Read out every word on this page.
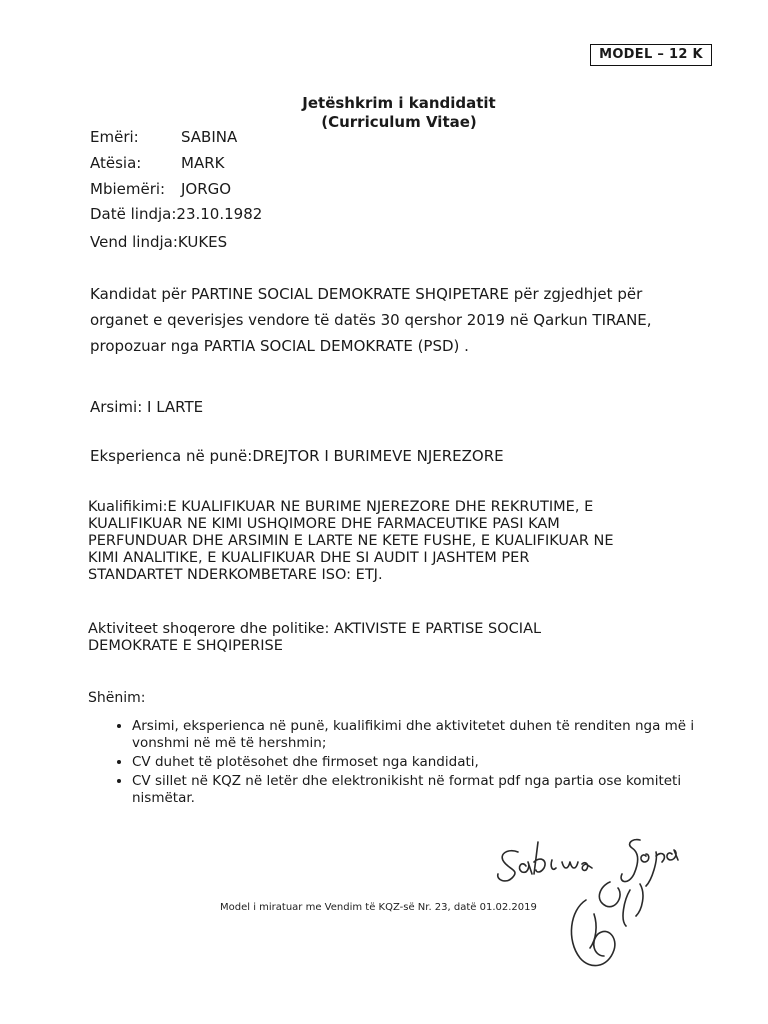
MODEL – 12 K
Jetëshkrim i kandidatit
(Curriculum Vitae)
Emëri:	SABINA
Atësia:	MARK
Mbiemëri: JORGO
Datë lindja:23.10.1982
Vend lindja:KUKES
Kandidat për PARTINE SOCIAL DEMOKRATE SHQIPETARE për zgjedhjet për
organet e qeverisjes vendore të datës 30 qershor 2019 në Qarkun TIRANE,
propozuar nga PARTIA SOCIAL DEMOKRATE (PSD) .
Arsimi: I LARTE
Eksperienca në punë:DREJTOR I BURIMEVE NJEREZORE
Kualifikimi:E KUALIFIKUAR NE BURIME NJEREZORE DHE REKRUTIME, E
KUALIFIKUAR NE KIMI USHQIMORE DHE FARMACEUTIKE PASI KAM
PERFUNDUAR DHE ARSIMIN E LARTE NE KETE FUSHE, E KUALIFIKUAR NE
KIMI ANALITIKE, E KUALIFIKUAR DHE SI AUDIT I JASHTEM PER
STANDARTET NDERKOMBETARE ISO: ETJ.
Aktiviteet shoqerore dhe politike: AKTIVISTE E PARTISE SOCIAL
DEMOKRATE E SHQIPERISE
Shënim:
• Arsimi, eksperienca në punë, kualifikimi dhe aktivitetet duhen të renditen nga më i vonshmi në më të hershmin;
• CV duhet të plotësohet dhe firmoset nga kandidati,
• CV sillet në KQZ në letër dhe elektronikisht në format pdf nga partia ose komiteti nismëtar.
Model i miratuar me Vendim të KQZ-së Nr. 23, datë 01.02.2019
